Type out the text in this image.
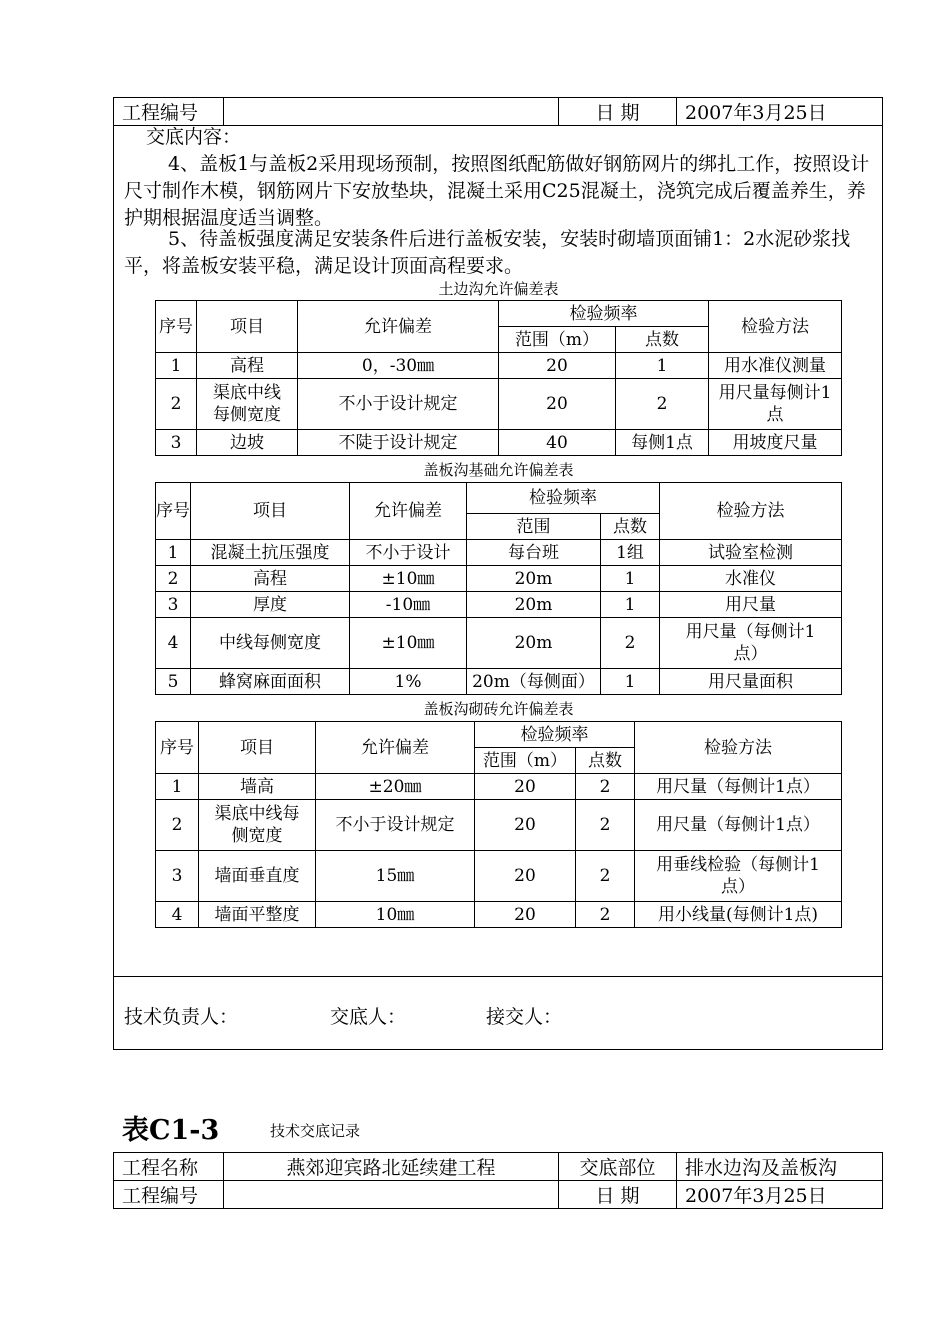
工程编号		日 期	2007年3月25日
交底内容：
4、盖板1与盖板2采用现场预制，按照图纸配筋做好钢筋网片的绑扎工作，按照设计尺寸制作木模，钢筋网片下安放垫块，混凝土采用C25混凝土，浇筑完成后覆盖养生，养护期根据温度适当调整。
5、待盖板强度满足安装条件后进行盖板安装，安装时砌墙顶面铺1：2水泥砂浆找平，将盖板安装平稳，满足设计顶面高程要求。
土边沟允许偏差表
序号	项目	允许偏差	检验频率		检验方法
			范围（m）	点数	
1	高程	0，-30㎜	20	1	用水准仪测量
2	渠底中线每侧宽度	不小于设计规定	20	2	用尺量每侧计1点
3	边坡	不陡于设计规定	40	每侧1点	用坡度尺量
盖板沟基础允许偏差表
序号	项目	允许偏差	检验频率		检验方法
			范围	点数	
1	混凝土抗压强度	不小于设计	每台班	1组	试验室检测
2	高程	±10㎜	20m	1	水准仪
3	厚度	-10㎜	20m	1	用尺量
4	中线每侧宽度	±10㎜	20m	2	用尺量（每侧计1点）
5	蜂窝麻面面积	1%	20m（每侧面）	1	用尺量面积
盖板沟砌砖允许偏差表
序号	项目	允许偏差	检验频率		检验方法
			范围（m）	点数	
1	墙高	±20㎜	20	2	用尺量（每侧计1点）
2	渠底中线每侧宽度	不小于设计规定	20	2	用尺量（每侧计1点）
3	墙面垂直度	15㎜	20	2	用垂线检验（每侧计1点）
4	墙面平整度	10㎜	20	2	用小线量(每侧计1点)
技术负责人：	交底人：	接交人：
表C1-3	技术交底记录
工程名称	燕郊迎宾路北延续建工程	交底部位	排水边沟及盖板沟
工程编号		日 期	2007年3月25日
